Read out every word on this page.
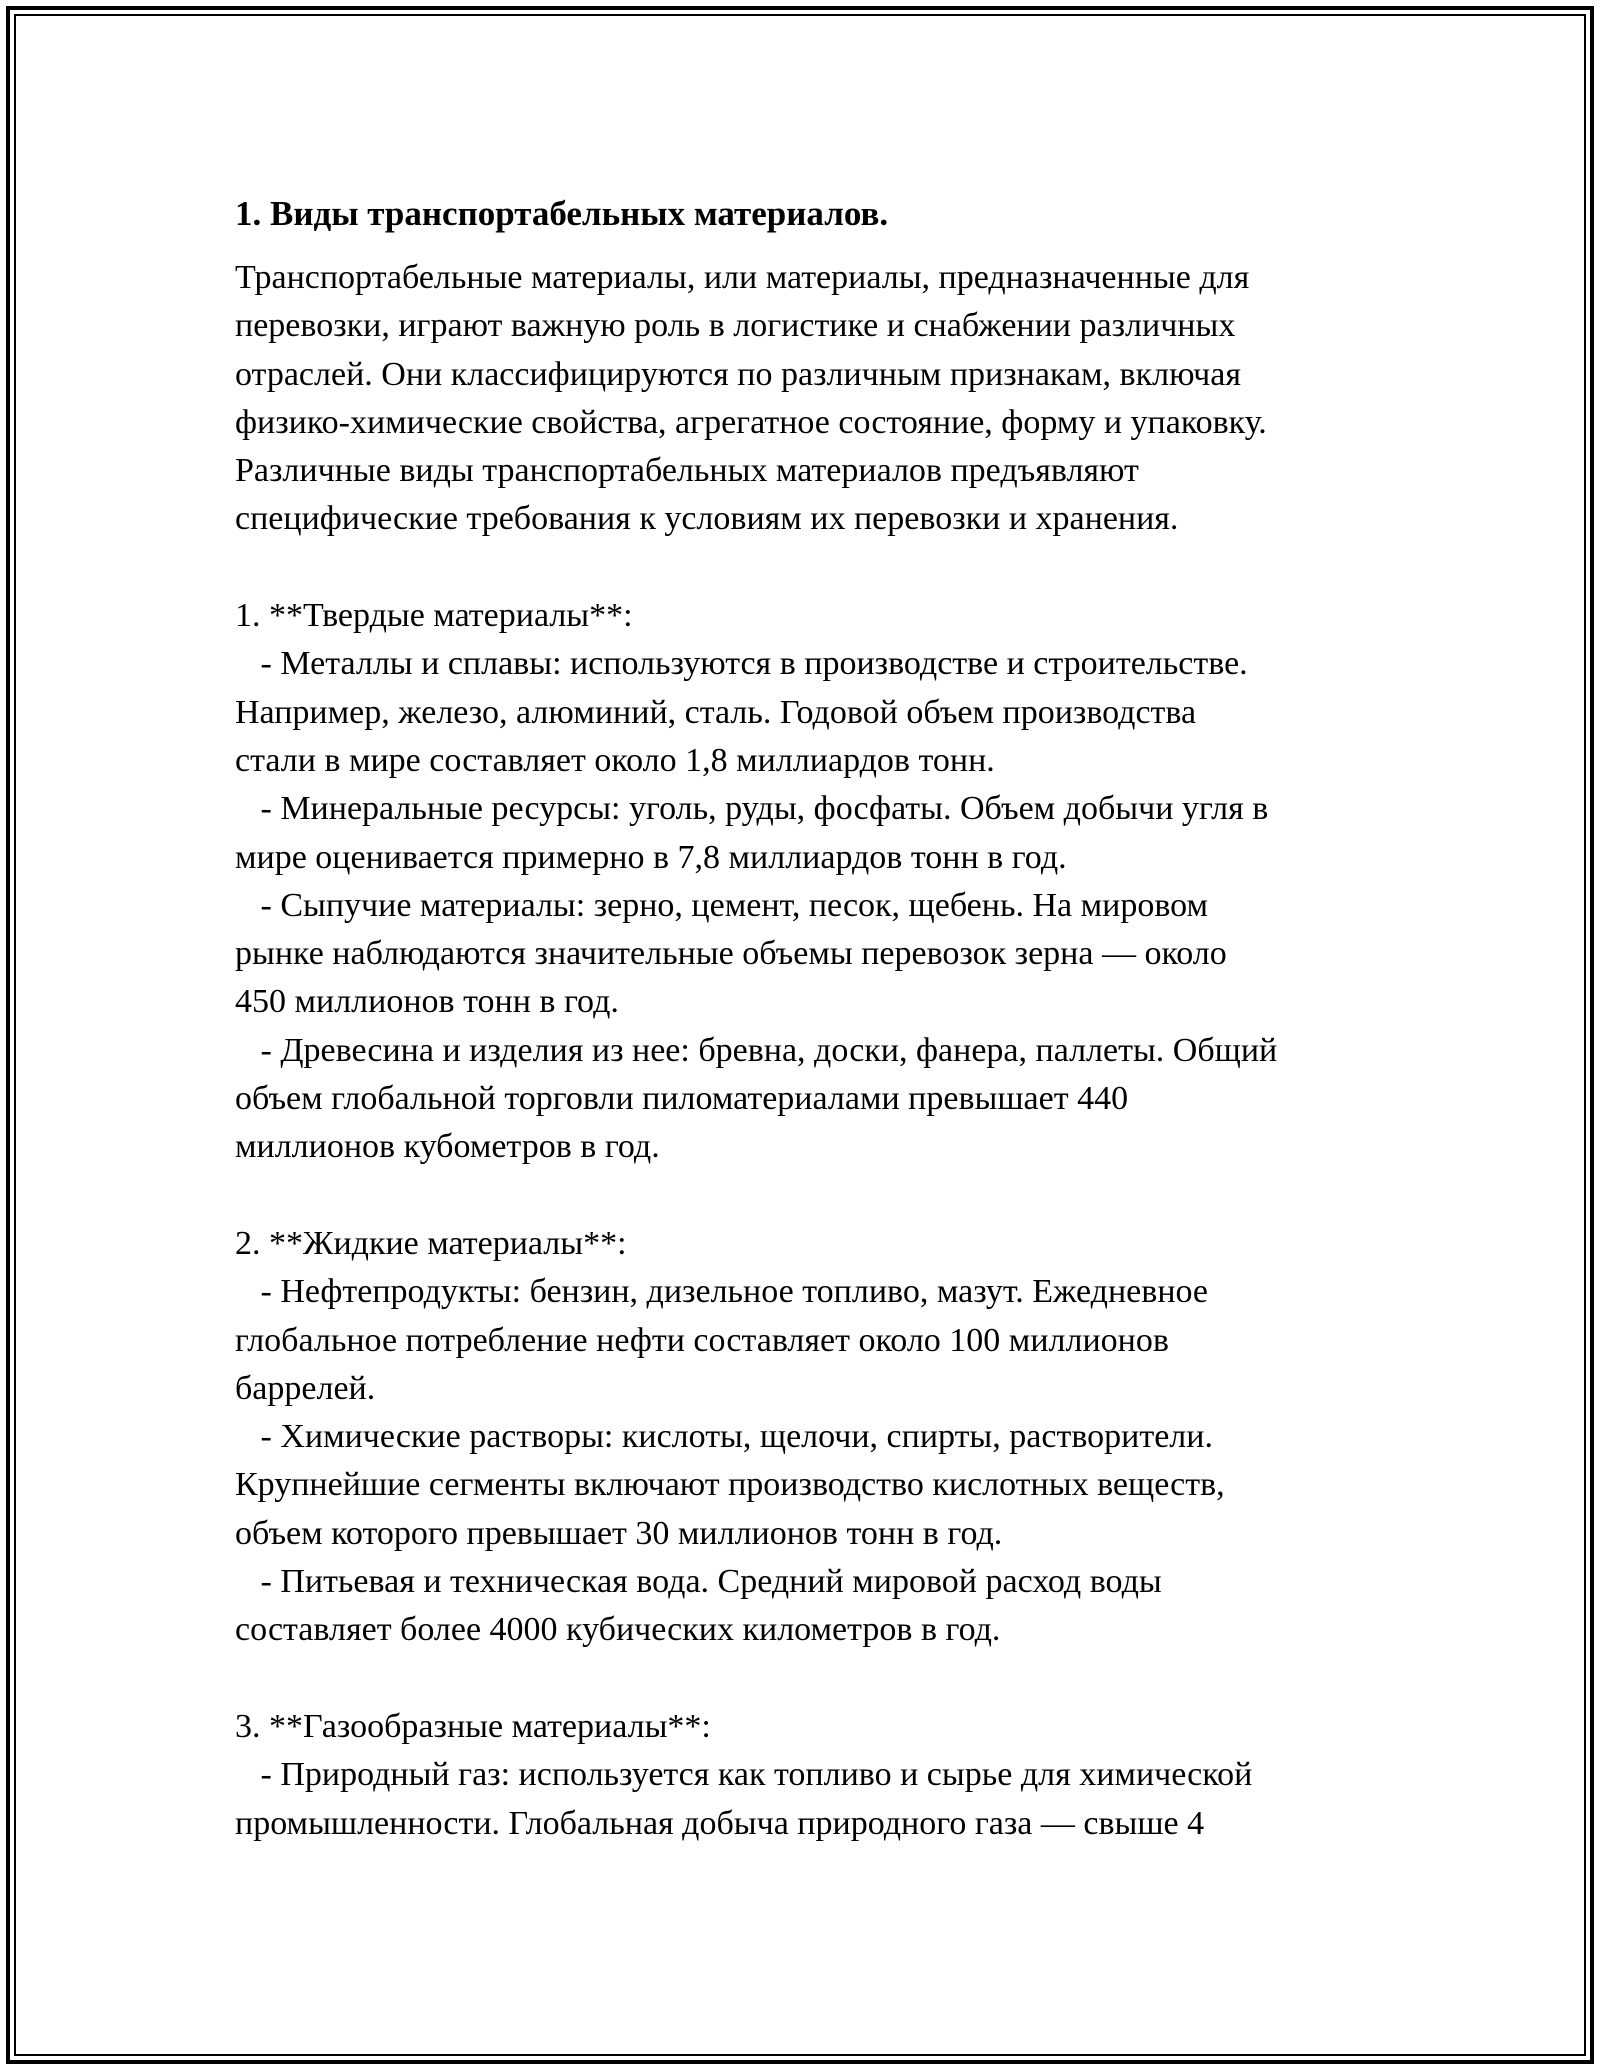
1. Виды транспортабельных материалов.
Транспортабельные материалы, или материалы, предназначенные для
перевозки, играют важную роль в логистике и снабжении различных
отраслей. Они классифицируются по различным признакам, включая
физико-химические свойства, агрегатное состояние, форму и упаковку.
Различные виды транспортабельных материалов предъявляют
специфические требования к условиям их перевозки и хранения.
1. **Твердые материалы**:
- Металлы и сплавы: используются в производстве и строительстве.
Например, железо, алюминий, сталь. Годовой объем производства
стали в мире составляет около 1,8 миллиардов тонн.
- Минеральные ресурсы: уголь, руды, фосфаты. Объем добычи угля в
мире оценивается примерно в 7,8 миллиардов тонн в год.
- Сыпучие материалы: зерно, цемент, песок, щебень. На мировом
рынке наблюдаются значительные объемы перевозок зерна — около
450 миллионов тонн в год.
- Древесина и изделия из нее: бревна, доски, фанера, паллеты. Общий
объем глобальной торговли пиломатериалами превышает 440
миллионов кубометров в год.
2. **Жидкие материалы**:
- Нефтепродукты: бензин, дизельное топливо, мазут. Ежедневное
глобальное потребление нефти составляет около 100 миллионов
баррелей.
- Химические растворы: кислоты, щелочи, спирты, растворители.
Крупнейшие сегменты включают производство кислотных веществ,
объем которого превышает 30 миллионов тонн в год.
- Питьевая и техническая вода. Средний мировой расход воды
составляет более 4000 кубических километров в год.
3. **Газообразные материалы**:
- Природный газ: используется как топливо и сырье для химической
промышленности. Глобальная добыча природного газа — свыше 4
